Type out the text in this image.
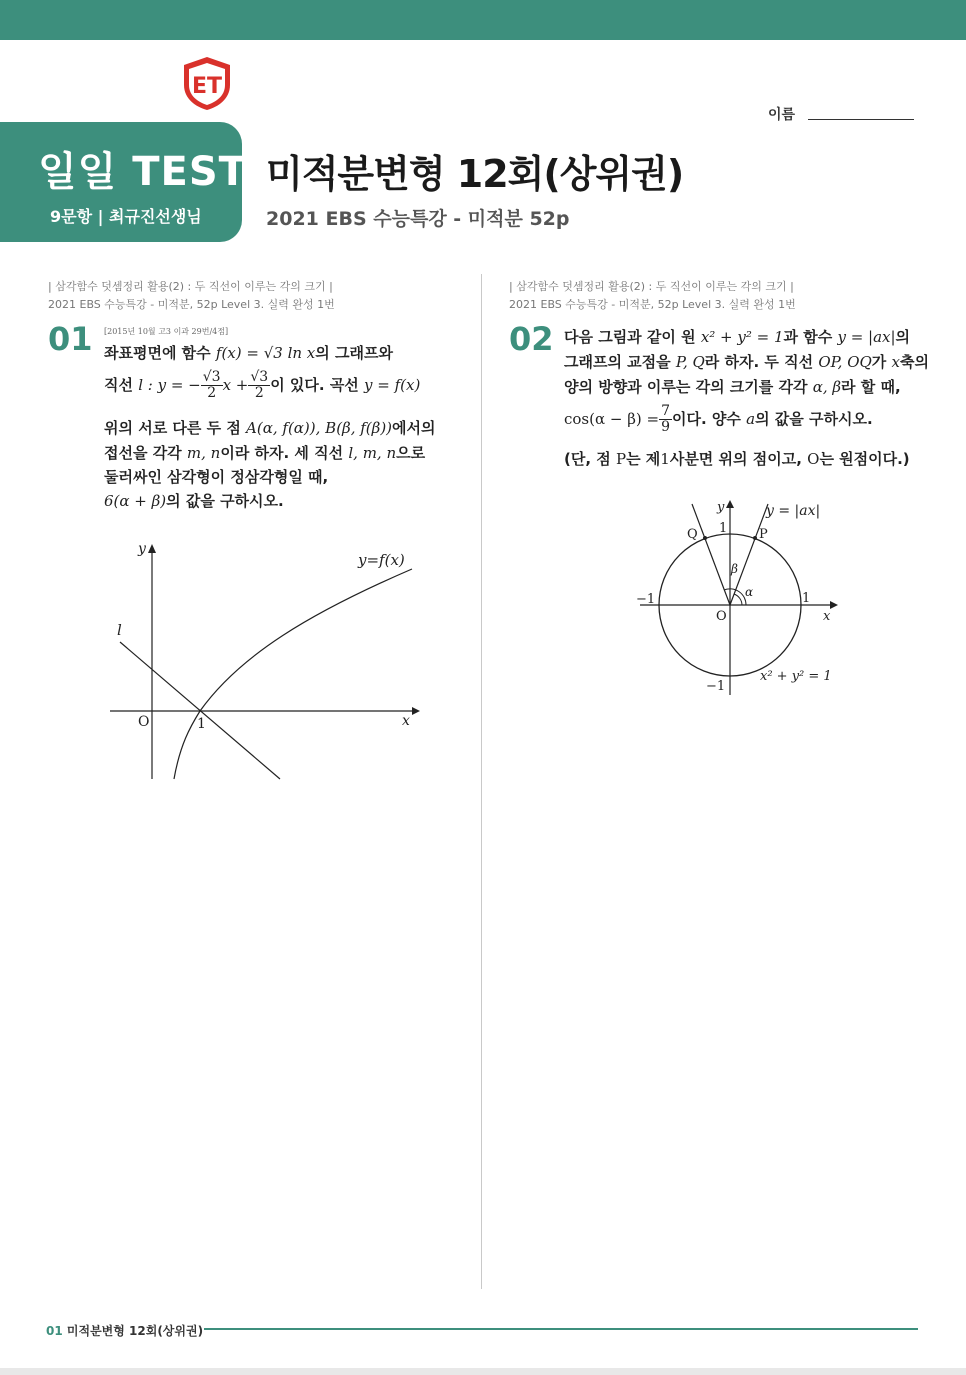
ET
이름
일일 TEST
9문항 | 최규진선생님
미적분변형 12회(상위권)
2021 EBS 수능특강 - 미적분 52p
| 삼각함수 덧셈정리 활용(2) : 두 직선이 이루는 각의 크기 |
2021 EBS 수능특강 - 미적분, 52p Level 3. 실력 완성 1번
01 [2015년 10월 고3 이과 29번/4점]
좌표평면에 함수 f(x) = √3 ln x의 그래프와
직선 l : y = − $\frac{√3}{2}$ $x + \frac{√3}{2}$ 이 있다. 곡선 y = f(x)
위의 서로 다른 두 점 A(α, f(α)), B(β, f(β))에서의
접선을 각각 m, n이라 하자. 세 직선 l, m, n으로
둘러싸인 삼각형이 정삼각형일 때,
6(α + β)의 값을 구하시오.
y
x
O	1
l
y=f(x)
| 삼각함수 덧셈정리 활용(2) : 두 직선이 이루는 각의 크기 |
2021 EBS 수능특강 - 미적분, 52p Level 3. 실력 완성 1번
02 다음 그림과 같이 원 x² + y² = 1과 함수 y = |ax|의
그래프의 교점을 P, Q라 하자. 두 직선 OP, OQ가 x축의
양의 방향과 이루는 각의 크기를 각각 α, β라 할 때,
$\cos(\alpha - \beta) = \frac{7}{9}$ 이다. 양수 a의 값을 구하시오.
(단, 점 P는 제1사분면 위의 점이고, O는 원점이다.)
y
x
O
1
1
−1
−1
P
Q
α
β
y = |ax|
x² + y² = 1
01 미적분변형 12회(상위권)
